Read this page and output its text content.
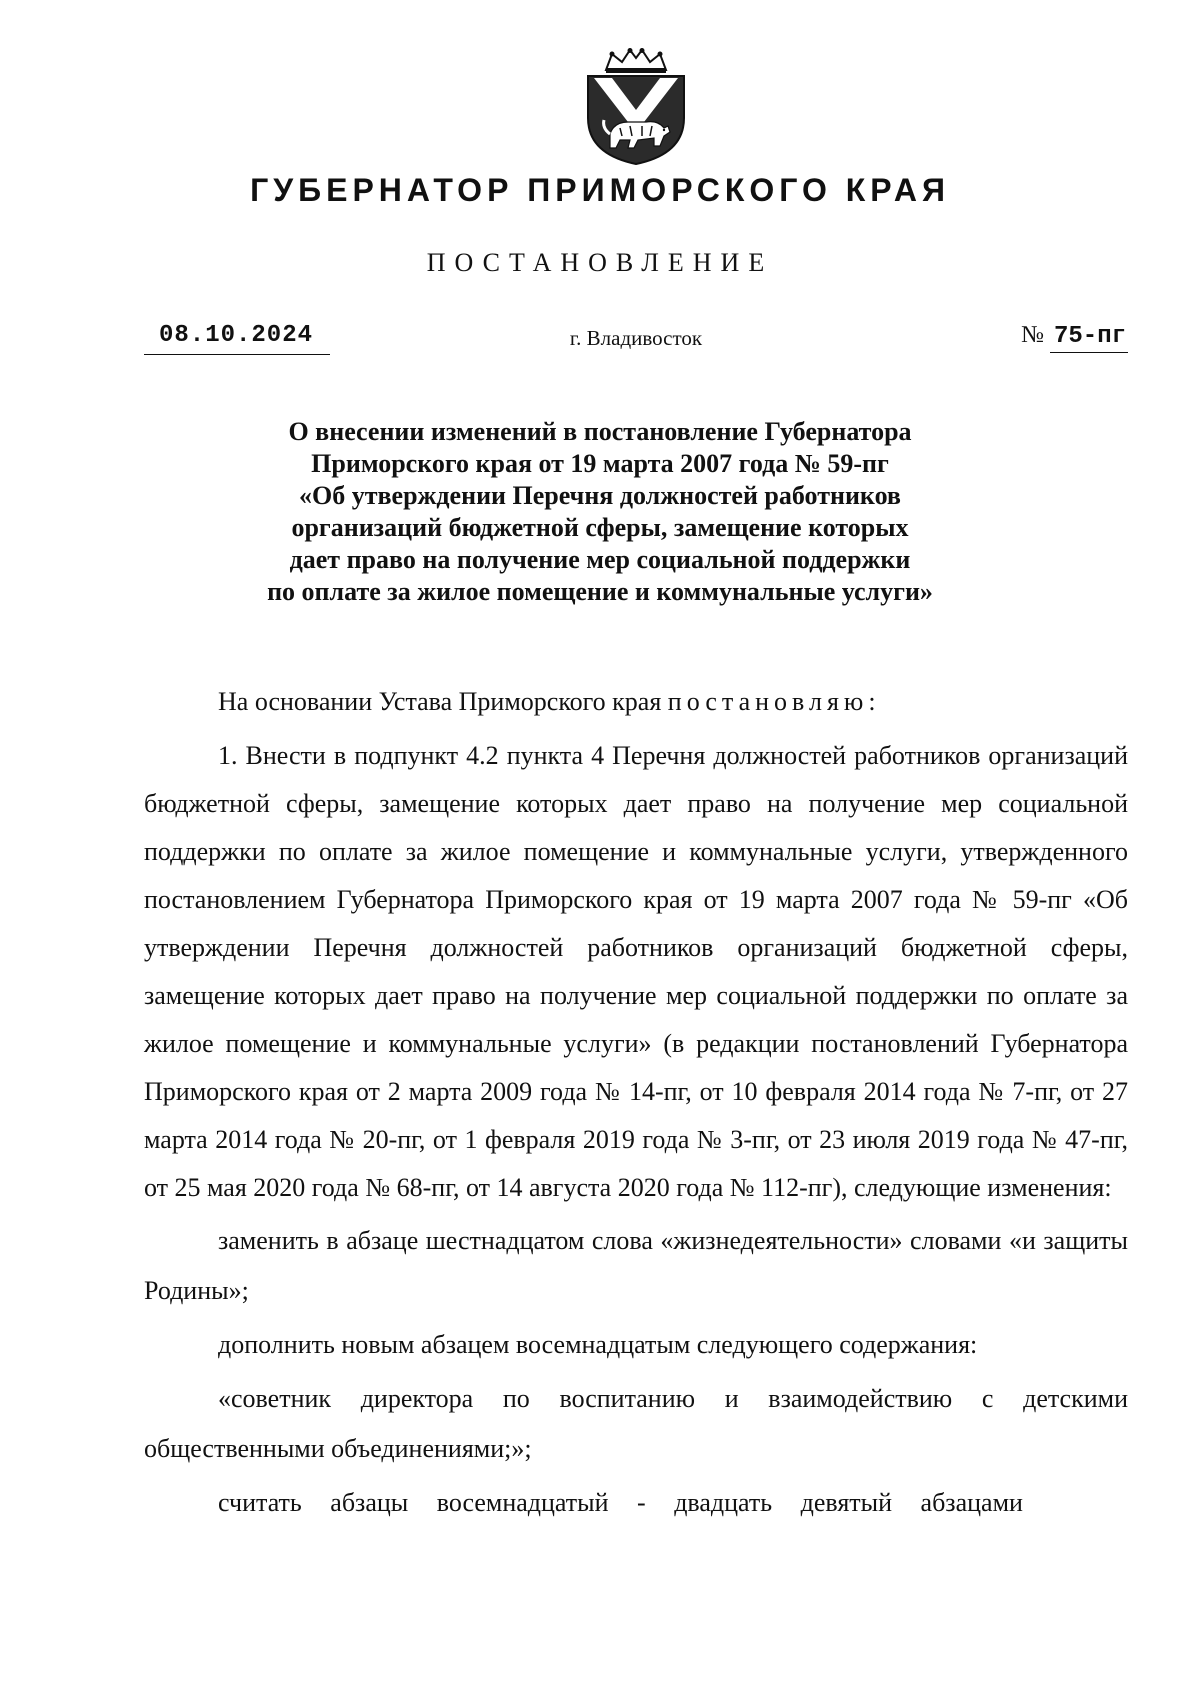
ГУБЕРНАТОР ПРИМОРСКОГО КРАЯ
ПОСТАНОВЛЕНИЕ
08.10.2024	г. Владивосток	№ 75-пг
О внесении изменений в постановление Губернатора
Приморского края от 19 марта 2007 года № 59-пг
«Об утверждении Перечня должностей работников
организаций бюджетной сферы, замещение которых
дает право на получение мер социальной поддержки
по оплате за жилое помещение и коммунальные услуги»

На основании Устава Приморского края постановляю:

1. Внести в подпункт 4.2 пункта 4 Перечня должностей работников организаций бюджетной сферы, замещение которых дает право на получение мер социальной поддержки по оплате за жилое помещение и коммунальные услуги, утвержденного постановлением Губернатора Приморского края от 19 марта 2007 года № 59-пг «Об утверждении Перечня должностей работников организаций бюджетной сферы, замещение которых дает право на получение мер социальной поддержки по оплате за жилое помещение и коммунальные услуги» (в редакции постановлений Губернатора Приморского края от 2 марта 2009 года № 14-пг, от 10 февраля 2014 года № 7-пг, от 27 марта 2014 года № 20-пг, от 1 февраля 2019 года № 3-пг, от 23 июля 2019 года № 47-пг, от 25 мая 2020 года № 68-пг, от 14 августа 2020 года № 112-пг), следующие изменения:

заменить в абзаце шестнадцатом слова «жизнедеятельности» словами «и защиты Родины»;

дополнить новым абзацем восемнадцатым следующего содержания:

«советник директора по воспитанию и взаимодействию с детскими общественными объединениями;»;

считать абзацы восемнадцатый - двадцать девятый абзацами
